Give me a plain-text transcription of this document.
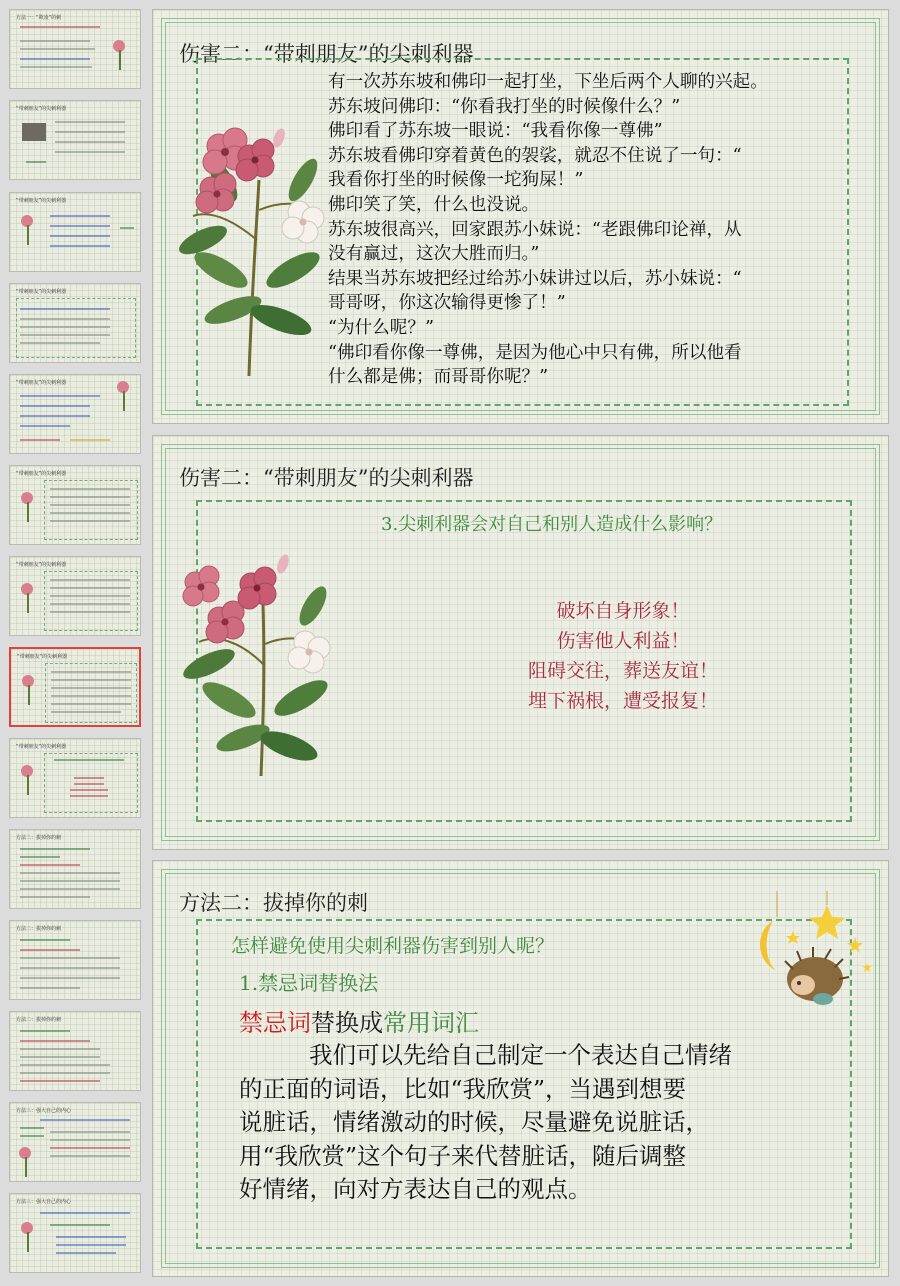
方法一：“欺凌”的刺
“带刺朋友”的尖刺利器
“带刺朋友”的尖刺利器
“带刺朋友”的尖刺利器
“带刺朋友”的尖刺利器
“带刺朋友”的尖刺利器
“带刺朋友”的尖刺利器
“带刺朋友”的尖刺利器
“带刺朋友”的尖刺利器
方法二：拔掉你的刺
方法二：拔掉你的刺
方法二：拔掉你的刺
方法三：强大自己的内心
方法三：强大自己的内心
伤害二：“带刺朋友”的尖刺利器

有一次苏东坡和佛印一起打坐，下坐后两个人聊的兴起。

苏东坡问佛印：“你看我打坐的时候像什么？”

佛印看了苏东坡一眼说：“我看你像一尊佛”

苏东坡看佛印穿着黄色的袈裟，就忍不住说了一句：“

我看你打坐的时候像一坨狗屎！”

佛印笑了笑，什么也没说。

苏东坡很高兴，回家跟苏小妹说：“老跟佛印论禅，从

没有赢过，这次大胜而归。”

结果当苏东坡把经过给苏小妹讲过以后，苏小妹说：“

哥哥呀，你这次输得更惨了！”

“为什么呢？”

“佛印看你像一尊佛，是因为他心中只有佛，所以他看

什么都是佛；而哥哥你呢？”

伤害二：“带刺朋友”的尖刺利器
3.尖刺利器会对自己和别人造成什么影响？
破坏自身形象！
伤害他人利益！
阻碍交往，葬送友谊！
埋下祸根，遭受报复！
方法二：拔掉你的刺
怎样避免使用尖刺利器伤害到别人呢？
1.禁忌词替换法
禁忌词替换成常用词汇
我们可以先给自己制定一个表达自己情绪
的正面的词语，比如“我欣赏”，当遇到想要
说脏话，情绪激动的时候，尽量避免说脏话，
用“我欣赏”这个句子来代替脏话，随后调整
好情绪，向对方表达自己的观点。
